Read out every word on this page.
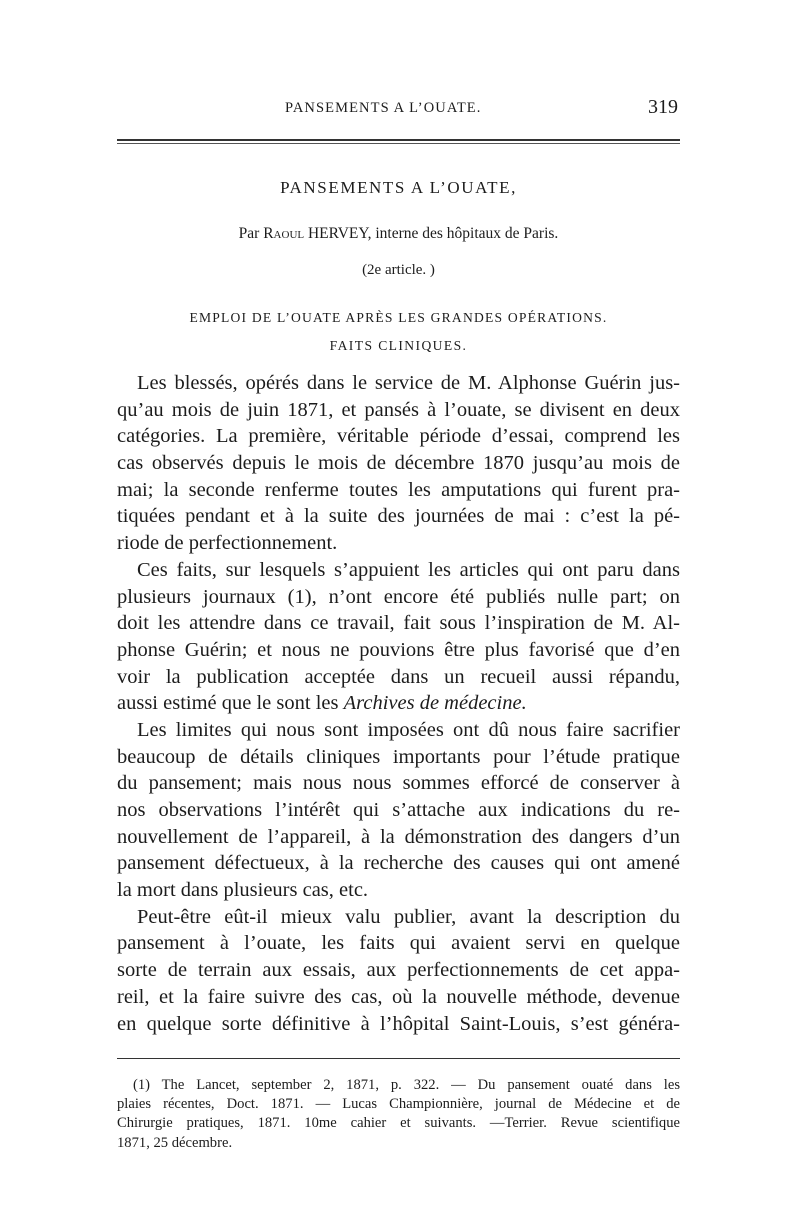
PANSEMENTS A L’OUATE.	319
PANSEMENTS A L’OUATE,
Par Raoul HERVEY, interne des hôpitaux de Paris.
(2e article. )
EMPLOI DE L’OUATE APRÈS LES GRANDES OPÉRATIONS.
FAITS CLINIQUES.
Les blessés, opérés dans le service de M. Alphonse Guérin jus-
qu’au mois de juin 1871, et pansés à l’ouate, se divisent en deux
catégories. La première, véritable période d’essai, comprend les
cas observés depuis le mois de décembre 1870 jusqu’au mois de
mai; la seconde renferme toutes les amputations qui furent pra-
tiquées pendant et à la suite des journées de mai : c’est la pé-
riode de perfectionnement.
Ces faits, sur lesquels s’appuient les articles qui ont paru dans
plusieurs journaux (1), n’ont encore été publiés nulle part; on
doit les attendre dans ce travail, fait sous l’inspiration de M. Al-
phonse Guérin; et nous ne pouvions être plus favorisé que d’en
voir la publication acceptée dans un recueil aussi répandu,
aussi estimé que le sont les Archives de médecine.
Les limites qui nous sont imposées ont dû nous faire sacrifier
beaucoup de détails cliniques importants pour l’étude pratique
du pansement; mais nous nous sommes efforcé de conserver à
nos observations l’intérêt qui s’attache aux indications du re-
nouvellement de l’appareil, à la démonstration des dangers d’un
pansement défectueux, à la recherche des causes qui ont amené
la mort dans plusieurs cas, etc.
Peut-être eût-il mieux valu publier, avant la description du
pansement à l’ouate, les faits qui avaient servi en quelque
sorte de terrain aux essais, aux perfectionnements de cet appa-
reil, et la faire suivre des cas, où la nouvelle méthode, devenue
en quelque sorte définitive à l’hôpital Saint-Louis, s’est généra-
(1) The Lancet, september 2, 1871, p. 322. — Du pansement ouaté dans les
plaies récentes, Doct. 1871. — Lucas Championnière, journal de Médecine et de
Chirurgie pratiques, 1871. 10me cahier et suivants. —Terrier. Revue scientifique
1871, 25 décembre.
